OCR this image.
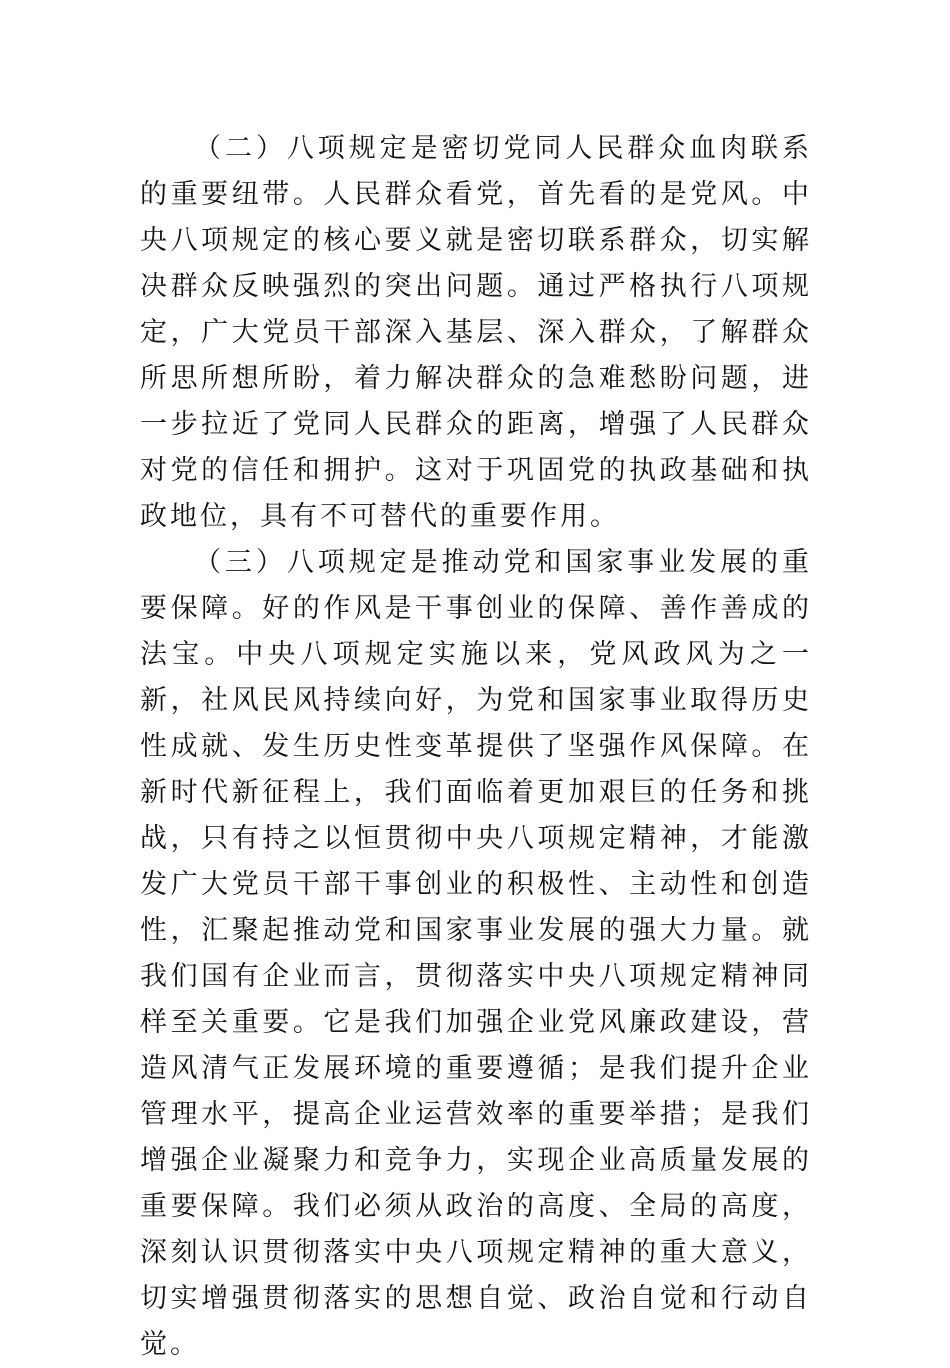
（二）八项规定是密切党同人民群众血肉联系的重要纽带。人民群众看党，首先看的是党风。中央八项规定的核心要义就是密切联系群众，切实解决群众反映强烈的突出问题。通过严格执行八项规定，广大党员干部深入基层、深入群众，了解群众所思所想所盼，着力解决群众的急难愁盼问题，进一步拉近了党同人民群众的距离，增强了人民群众对党的信任和拥护。这对于巩固党的执政基础和执政地位，具有不可替代的重要作用。

（三）八项规定是推动党和国家事业发展的重要保障。好的作风是干事创业的保障、善作善成的法宝。中央八项规定实施以来，党风政风为之一新，社风民风持续向好，为党和国家事业取得历史性成就、发生历史性变革提供了坚强作风保障。在新时代新征程上，我们面临着更加艰巨的任务和挑战，只有持之以恒贯彻中央八项规定精神，才能激发广大党员干部干事创业的积极性、主动性和创造性，汇聚起推动党和国家事业发展的强大力量。就我们国有企业而言，贯彻落实中央八项规定精神同样至关重要。它是我们加强企业党风廉政建设，营造风清气正发展环境的重要遵循；是我们提升企业管理水平，提高企业运营效率的重要举措；是我们增强企业凝聚力和竞争力，实现企业高质量发展的重要保障。我们必须从政治的高度、全局的高度，深刻认识贯彻落实中央八项规定精神的重大意义，切实增强贯彻落实的思想自觉、政治自觉和行动自觉。
